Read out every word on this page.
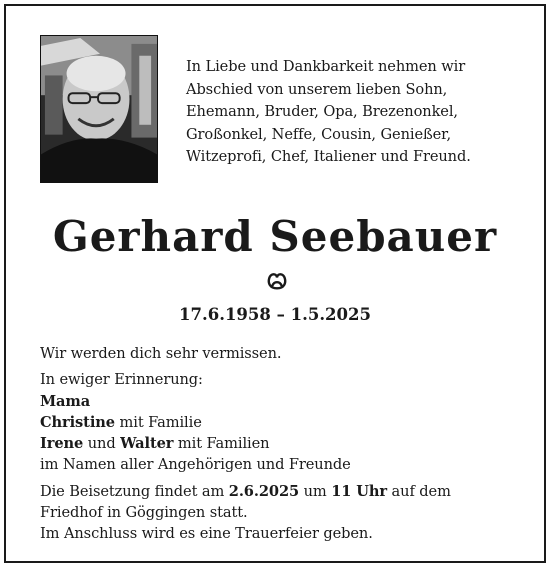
In Liebe und Dankbarkeit nehmen wir
Abschied von unserem lieben Sohn,
Ehemann, Bruder, Opa, Brezenonkel,
Großonkel, Neffe, Cousin, Genießer,
Witzeprofi, Chef, Italiener und Freund.
Gerhard Seebauer
17.6.1958 – 1.5.2025
Wir werden dich sehr vermissen.
In ewiger Erinnerung:
Mama
Christine mit Familie
Irene und Walter mit Familien
im Namen aller Angehörigen und Freunde
Die Beisetzung findet am 2.6.2025 um 11 Uhr auf dem
Friedhof in Göggingen statt.
Im Anschluss wird es eine Trauerfeier geben.
